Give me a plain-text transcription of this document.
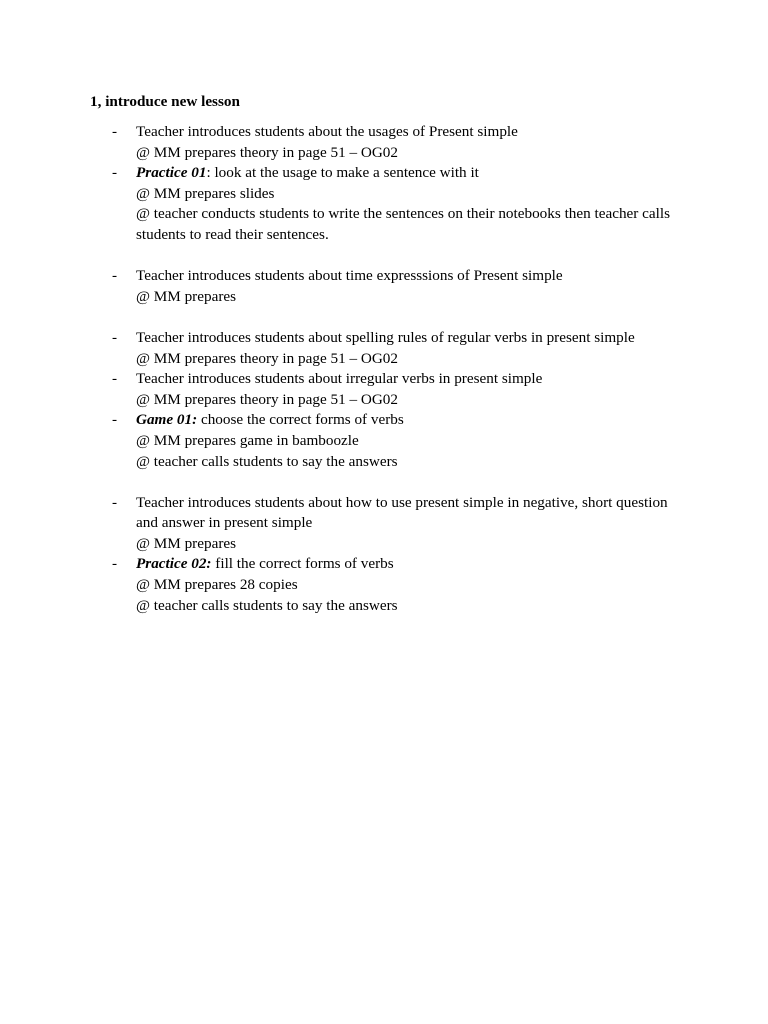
1, introduce new lesson
- Teacher introduces students about the usages of Present simple
@ MM prepares theory in page 51 – OG02
- Practice 01: look at the usage to make a sentence with it
@ MM prepares slides
@ teacher conducts students to write the sentences on their notebooks then teacher calls
students to read their sentences.
- Teacher introduces students about time expresssions of Present simple
@ MM prepares
- Teacher introduces students about spelling rules of regular verbs in present simple
@ MM prepares theory in page 51 – OG02
- Teacher introduces students about irregular verbs in present simple
@ MM prepares theory in page 51 – OG02
- Game 01: choose the correct forms of verbs
@ MM prepares game in bamboozle
@ teacher calls students to say the answers
- Teacher introduces students about how to use present simple in negative, short question
and answer in present simple
@ MM prepares
- Practice 02: fill the correct forms of verbs
@ MM prepares 28 copies
@ teacher calls students to say the answers
